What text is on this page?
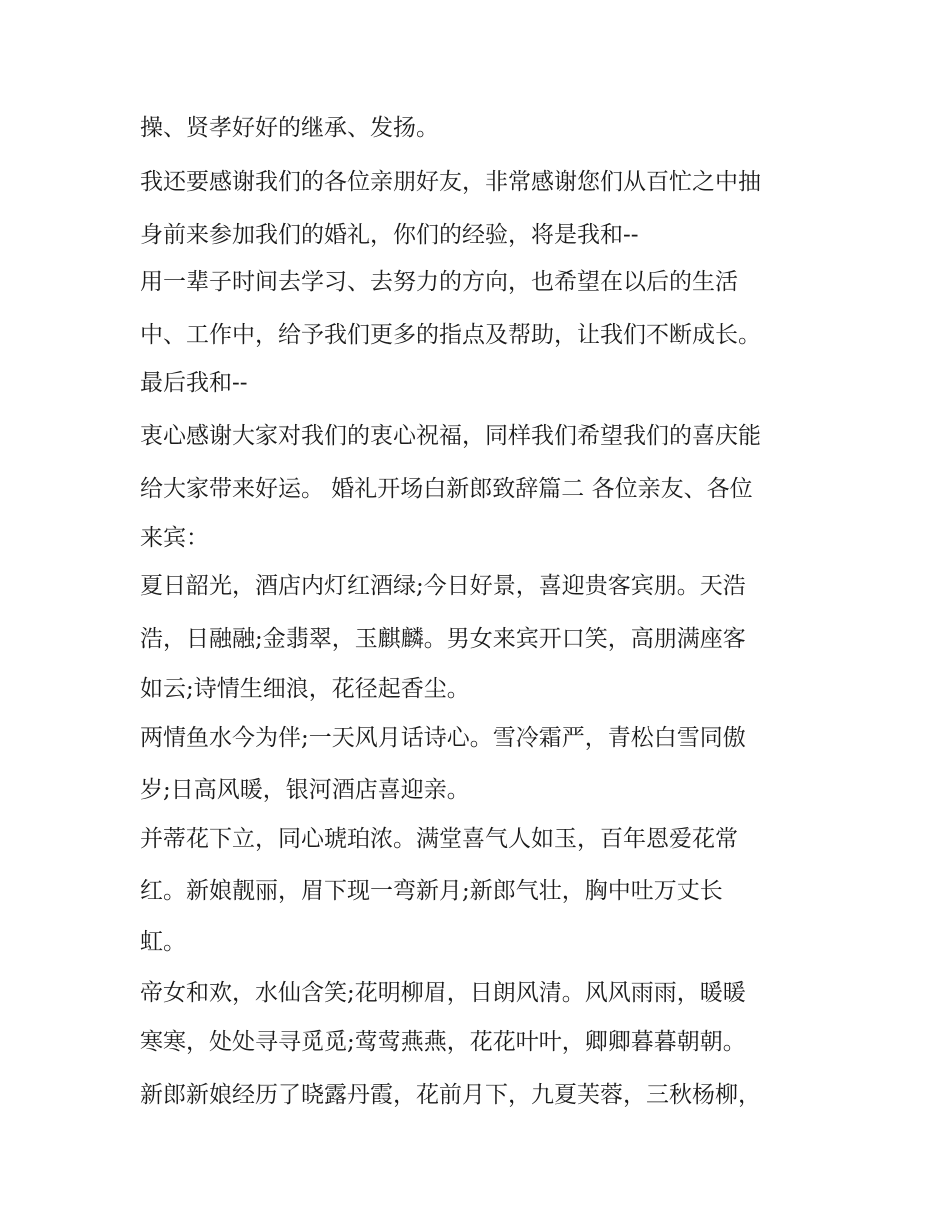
操、贤孝好好的继承、发扬。
我还要感谢我们的各位亲朋好友，非常感谢您们从百忙之中抽
身前来参加我们的婚礼，你们的经验，将是我和--
用一辈子时间去学习、去努力的方向，也希望在以后的生活
中、工作中，给予我们更多的指点及帮助，让我们不断成长。
最后我和--
衷心感谢大家对我们的衷心祝福，同样我们希望我们的喜庆能
给大家带来好运。 婚礼开场白新郎致辞篇二 各位亲友、各位
来宾：
夏日韶光，酒店内灯红酒绿;今日好景，喜迎贵客宾朋。天浩
浩，日融融;金翡翠，玉麒麟。男女来宾开口笑，高朋满座客
如云;诗情生细浪，花径起香尘。
两情鱼水今为伴;一天风月话诗心。雪冷霜严，青松白雪同傲
岁;日高风暖，银河酒店喜迎亲。
并蒂花下立，同心琥珀浓。满堂喜气人如玉，百年恩爱花常
红。新娘靓丽，眉下现一弯新月;新郎气壮，胸中吐万丈长
虹。
帝女和欢，水仙含笑;花明柳眉，日朗风清。风风雨雨，暖暖
寒寒，处处寻寻觅觅;莺莺燕燕，花花叶叶，卿卿暮暮朝朝。
新郎新娘经历了晓露丹霞，花前月下，九夏芙蓉，三秋杨柳，
